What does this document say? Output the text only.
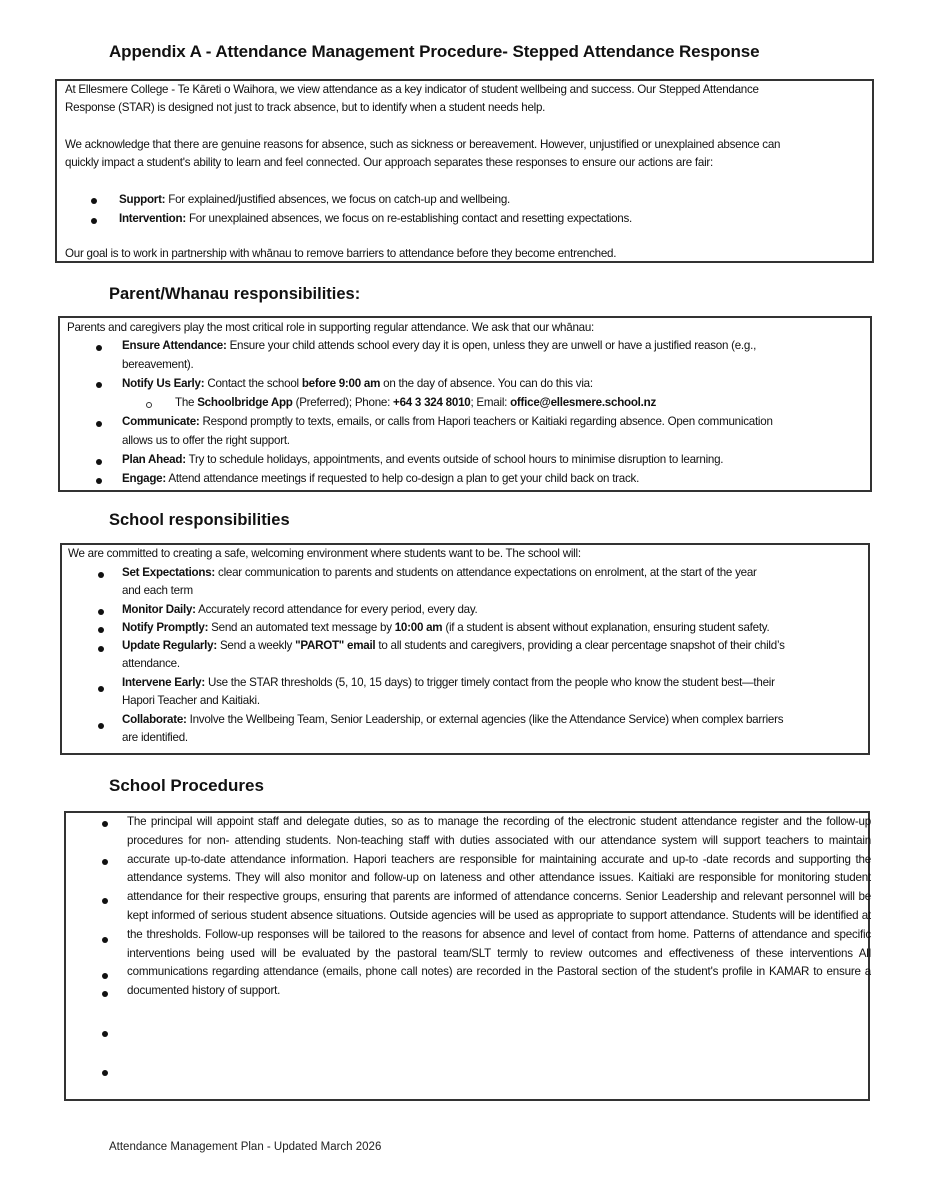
Appendix A - Attendance Management Procedure- Stepped Attendance Response
At Ellesmere College - Te Kāreti o Waihora, we view attendance as a key indicator of student wellbeing and success. Our Stepped Attendance
Response (STAR) is designed not just to track absence, but to identify when a student needs help.
We acknowledge that there are genuine reasons for absence, such as sickness or bereavement. However, unjustified or unexplained absence can
quickly impact a student's ability to learn and feel connected. Our approach separates these responses to ensure our actions are fair:
Support: For explained/justified absences, we focus on catch-up and wellbeing.
Intervention: For unexplained absences, we focus on re-establishing contact and resetting expectations.
Our goal is to work in partnership with whānau to remove barriers to attendance before they become entrenched.
Parent/Whanau responsibilities:
Parents and caregivers play the most critical role in supporting regular attendance. We ask that our whānau:
Ensure Attendance: Ensure your child attends school every day it is open, unless they are unwell or have a justified reason (e.g.,
bereavement).
Notify Us Early: Contact the school before 9:00 am on the day of absence. You can do this via:
The Schoolbridge App (Preferred); Phone: +64 3 324 8010; Email: office@ellesmere.school.nz
Communicate: Respond promptly to texts, emails, or calls from Hapori teachers or Kaitiaki regarding absence. Open communication
allows us to offer the right support.
Plan Ahead: Try to schedule holidays, appointments, and events outside of school hours to minimise disruption to learning.
Engage: Attend attendance meetings if requested to help co-design a plan to get your child back on track.
School responsibilities
We are committed to creating a safe, welcoming environment where students want to be. The school will:
Set Expectations: clear communication to parents and students on attendance expectations on enrolment, at the start of the year
and each term
Monitor Daily: Accurately record attendance for every period, every day.
Notify Promptly: Send an automated text message by 10:00 am (if a student is absent without explanation, ensuring student safety.
Update Regularly: Send a weekly "PAROT" email to all students and caregivers, providing a clear percentage snapshot of their child’s
attendance.
Intervene Early: Use the STAR thresholds (5, 10, 15 days) to trigger timely contact from the people who know the student best—their
Hapori Teacher and Kaitiaki.
Collaborate: Involve the Wellbeing Team, Senior Leadership, or external agencies (like the Attendance Service) when complex barriers
are identified.
School Procedures
The principal will appoint staff and delegate duties, so as to manage the recording of the electronic student attendance register and the follow-up procedures for non- attending students. Non-teaching staff with duties associated with our attendance system will support teachers to maintain accurate up-to-date attendance information. Hapori teachers are responsible for maintaining accurate and up-to -date records and supporting the attendance systems. They will also monitor and follow-up on lateness and other attendance issues. Kaitiaki are responsible for monitoring student attendance for their respective groups, ensuring that parents are informed of attendance concerns. Senior Leadership and relevant personnel will be kept informed of serious student absence situations. Outside agencies will be used as appropriate to support attendance. Students will be identified at the thresholds. Follow-up responses will be tailored to the reasons for absence and level of contact from home. Patterns of attendance and specific interventions being used will be evaluated by the pastoral team/SLT termly to review outcomes and effectiveness of these interventions All communications regarding attendance (emails, phone call notes) are recorded in the Pastoral section of the student's profile in KAMAR to ensure a documented history of support.
Attendance Management Plan - Updated March 2026
